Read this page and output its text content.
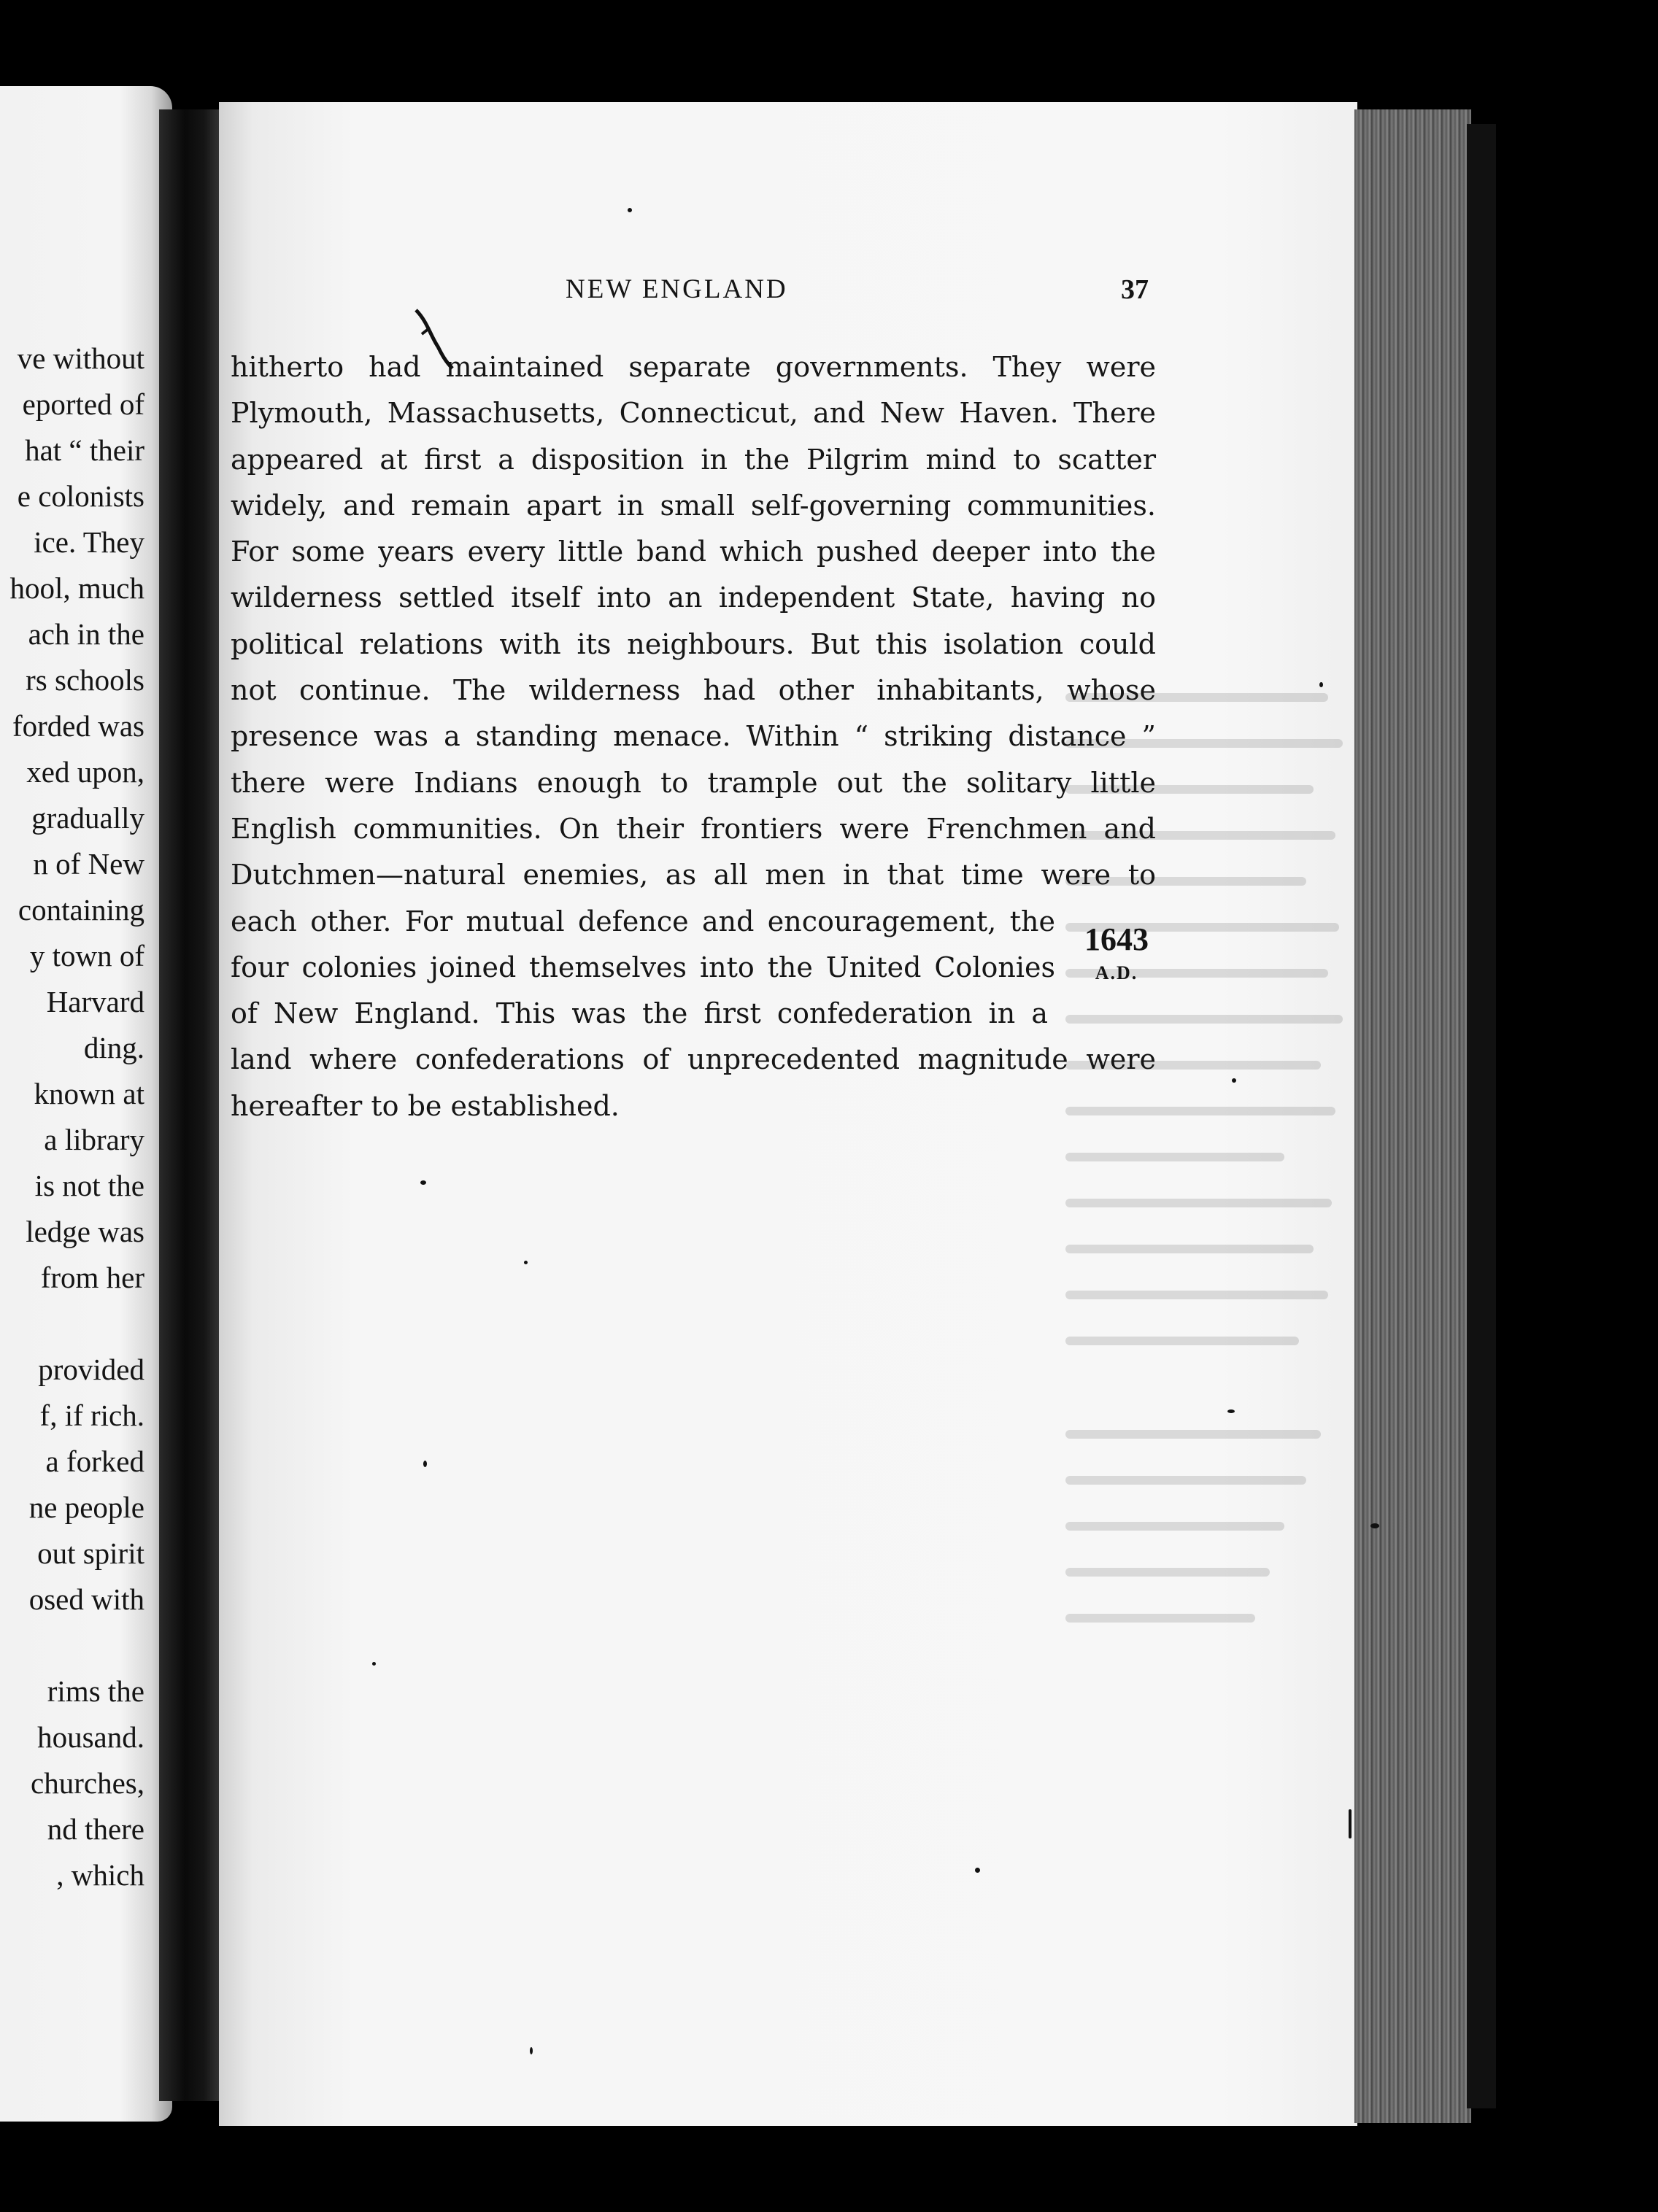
ve without
eported of
hat “ their
e colonists
ice. They
hool, much
ach in the
rs schools
forded was
xed upon,
gradually
n of New
containing
y town of
Harvard
ding.
known at
a library
is not the
ledge was
from her
provided
f, if rich.
a forked
ne people
out spirit
osed with
rims the
housand.
churches,
nd there
, which
NEW ENGLAND	37
hitherto had maintained separate governments. They were
Plymouth, Massachusetts, Connecticut, and New Haven. There
appeared at first a disposition in the Pilgrim mind to scatter
widely, and remain apart in small self-governing communities.
For some years every little band which pushed deeper into the
wilderness settled itself into an independent State, having no
political relations with its neighbours. But this isolation could
not continue. The wilderness had other inhabitants, whose
presence was a standing menace. Within “ striking distance ”
there were Indians enough to trample out the solitary little
English communities. On their frontiers were Frenchmen and
Dutchmen—natural enemies, as all men in that time were to
each other. For mutual defence and encouragement, the
four colonies joined themselves into the United Colonies
of New England. This was the first confederation in a
land where confederations of unprecedented magnitude were
hereafter to be established.
1643
A.D.
